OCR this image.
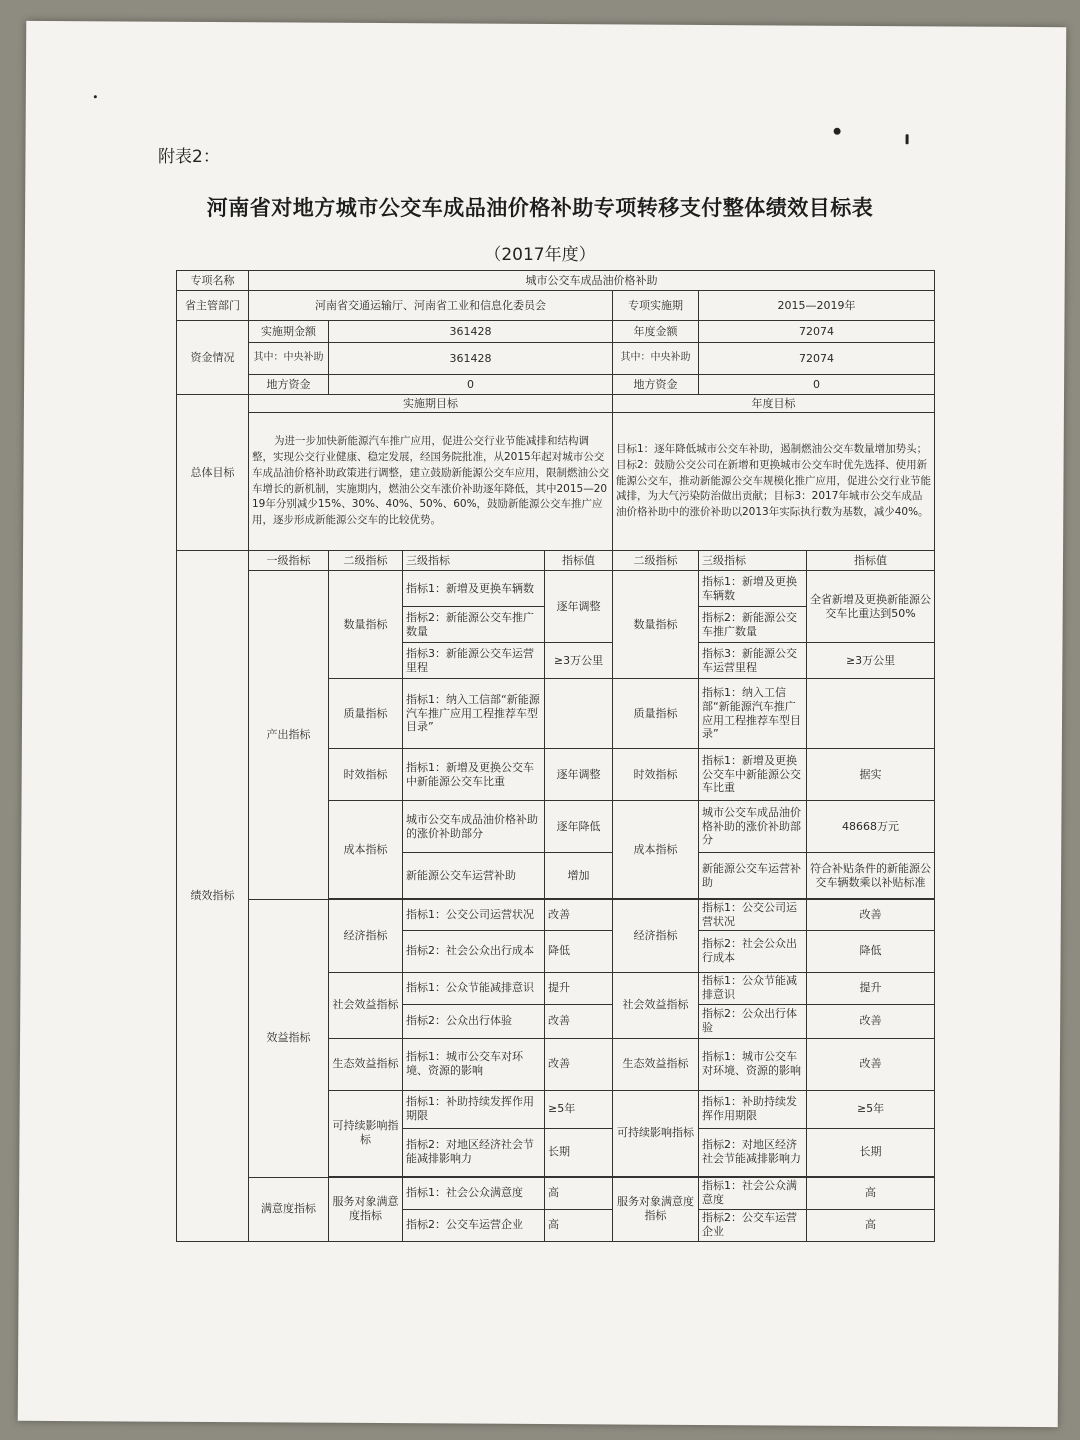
附表2：
河南省对地方城市公交车成品油价格补助专项转移支付整体绩效目标表
（2017年度）
专项名称	城市公交车成品油价格补助						
省主管部门	河南省交通运输厅、河南省工业和信息化委员会				专项实施期	2015—2019年	
资金情况	实施期金额	361428			年度金额	72074	
	其中：中央补助	361428			其中：中央补助	72074	
	地方资金	0			地方资金	0	
总体目标	实施期目标				年度目标		
	为进一步加快新能源汽车推广应用，促进公交行业节能减排和结构调整，实现公交行业健康、稳定发展，经国务院批准，从2015年起对城市公交车成品油价格补助政策进行调整，建立鼓励新能源公交车应用，限制燃油公交车增长的新机制，实施期内，燃油公交车涨价补助逐年降低，其中2015—2019年分别减少15%、30%、40%、50%、60%，鼓励新能源公交车推广应用，逐步形成新能源公交车的比较优势。				目标1：逐年降低城市公交车补助，遏制燃油公交车数量增加势头；目标2：鼓励公交公司在新增和更换城市公交车时优先选择、使用新能源公交车，推动新能源公交车规模化推广应用，促进公交行业节能减排，为大气污染防治做出贡献；目标3：2017年城市公交车成品油价格补助中的涨价补助以2013年实际执行数为基数，减少40%。		
绩效指标	一级指标	二级指标	三级指标	指标值	二级指标	三级指标	指标值
	产出指标	数量指标	指标1：新增及更换车辆数	逐年调整	数量指标	指标1：新增及更换车辆数	全省新增及更换新能源公交车比重达到50%
			指标2：新能源公交车推广数量			指标2：新能源公交车推广数量	
			指标3：新能源公交车运营里程	≥3万公里		指标3：新能源公交车运营里程	≥3万公里
		质量指标	指标1：纳入工信部“新能源汽车推广应用工程推荐车型目录”		质量指标	指标1：纳入工信部“新能源汽车推广应用工程推荐车型目录”	
		时效指标	指标1：新增及更换公交车中新能源公交车比重	逐年调整	时效指标	指标1：新增及更换公交车中新能源公交车比重	据实
		成本指标	城市公交车成品油价格补助的涨价补助部分	逐年降低	成本指标	城市公交车成品油价格补助的涨价补助部分	48668万元
			新能源公交车运营补助	增加		新能源公交车运营补助	符合补贴条件的新能源公交车辆数乘以补贴标准

	效益指标	经济指标	指标1：公交公司运营状况	改善	经济指标	指标1：公交公司运营状况	改善
			指标2：社会公众出行成本	降低		指标2：社会公众出行成本	降低
		社会效益指标	指标1：公众节能减排意识	提升	社会效益指标	指标1：公众节能减排意识	提升
			指标2：公众出行体验	改善		指标2：公众出行体验	改善
		生态效益指标	指标1：城市公交车对环境、资源的影响	改善	生态效益指标	指标1：城市公交车对环境、资源的影响	改善
		可持续影响指标	指标1：补助持续发挥作用期限	≥5年	可持续影响指标	指标1：补助持续发挥作用期限	≥5年
			指标2：对地区经济社会节能减排影响力	长期		指标2：对地区经济社会节能减排影响力	长期

	满意度指标	服务对象满意度指标	指标1：社会公众满意度	高	服务对象满意度指标	指标1：社会公众满意度	高
			指标2：公交车运营企业	高		指标2：公交车运营企业	高
